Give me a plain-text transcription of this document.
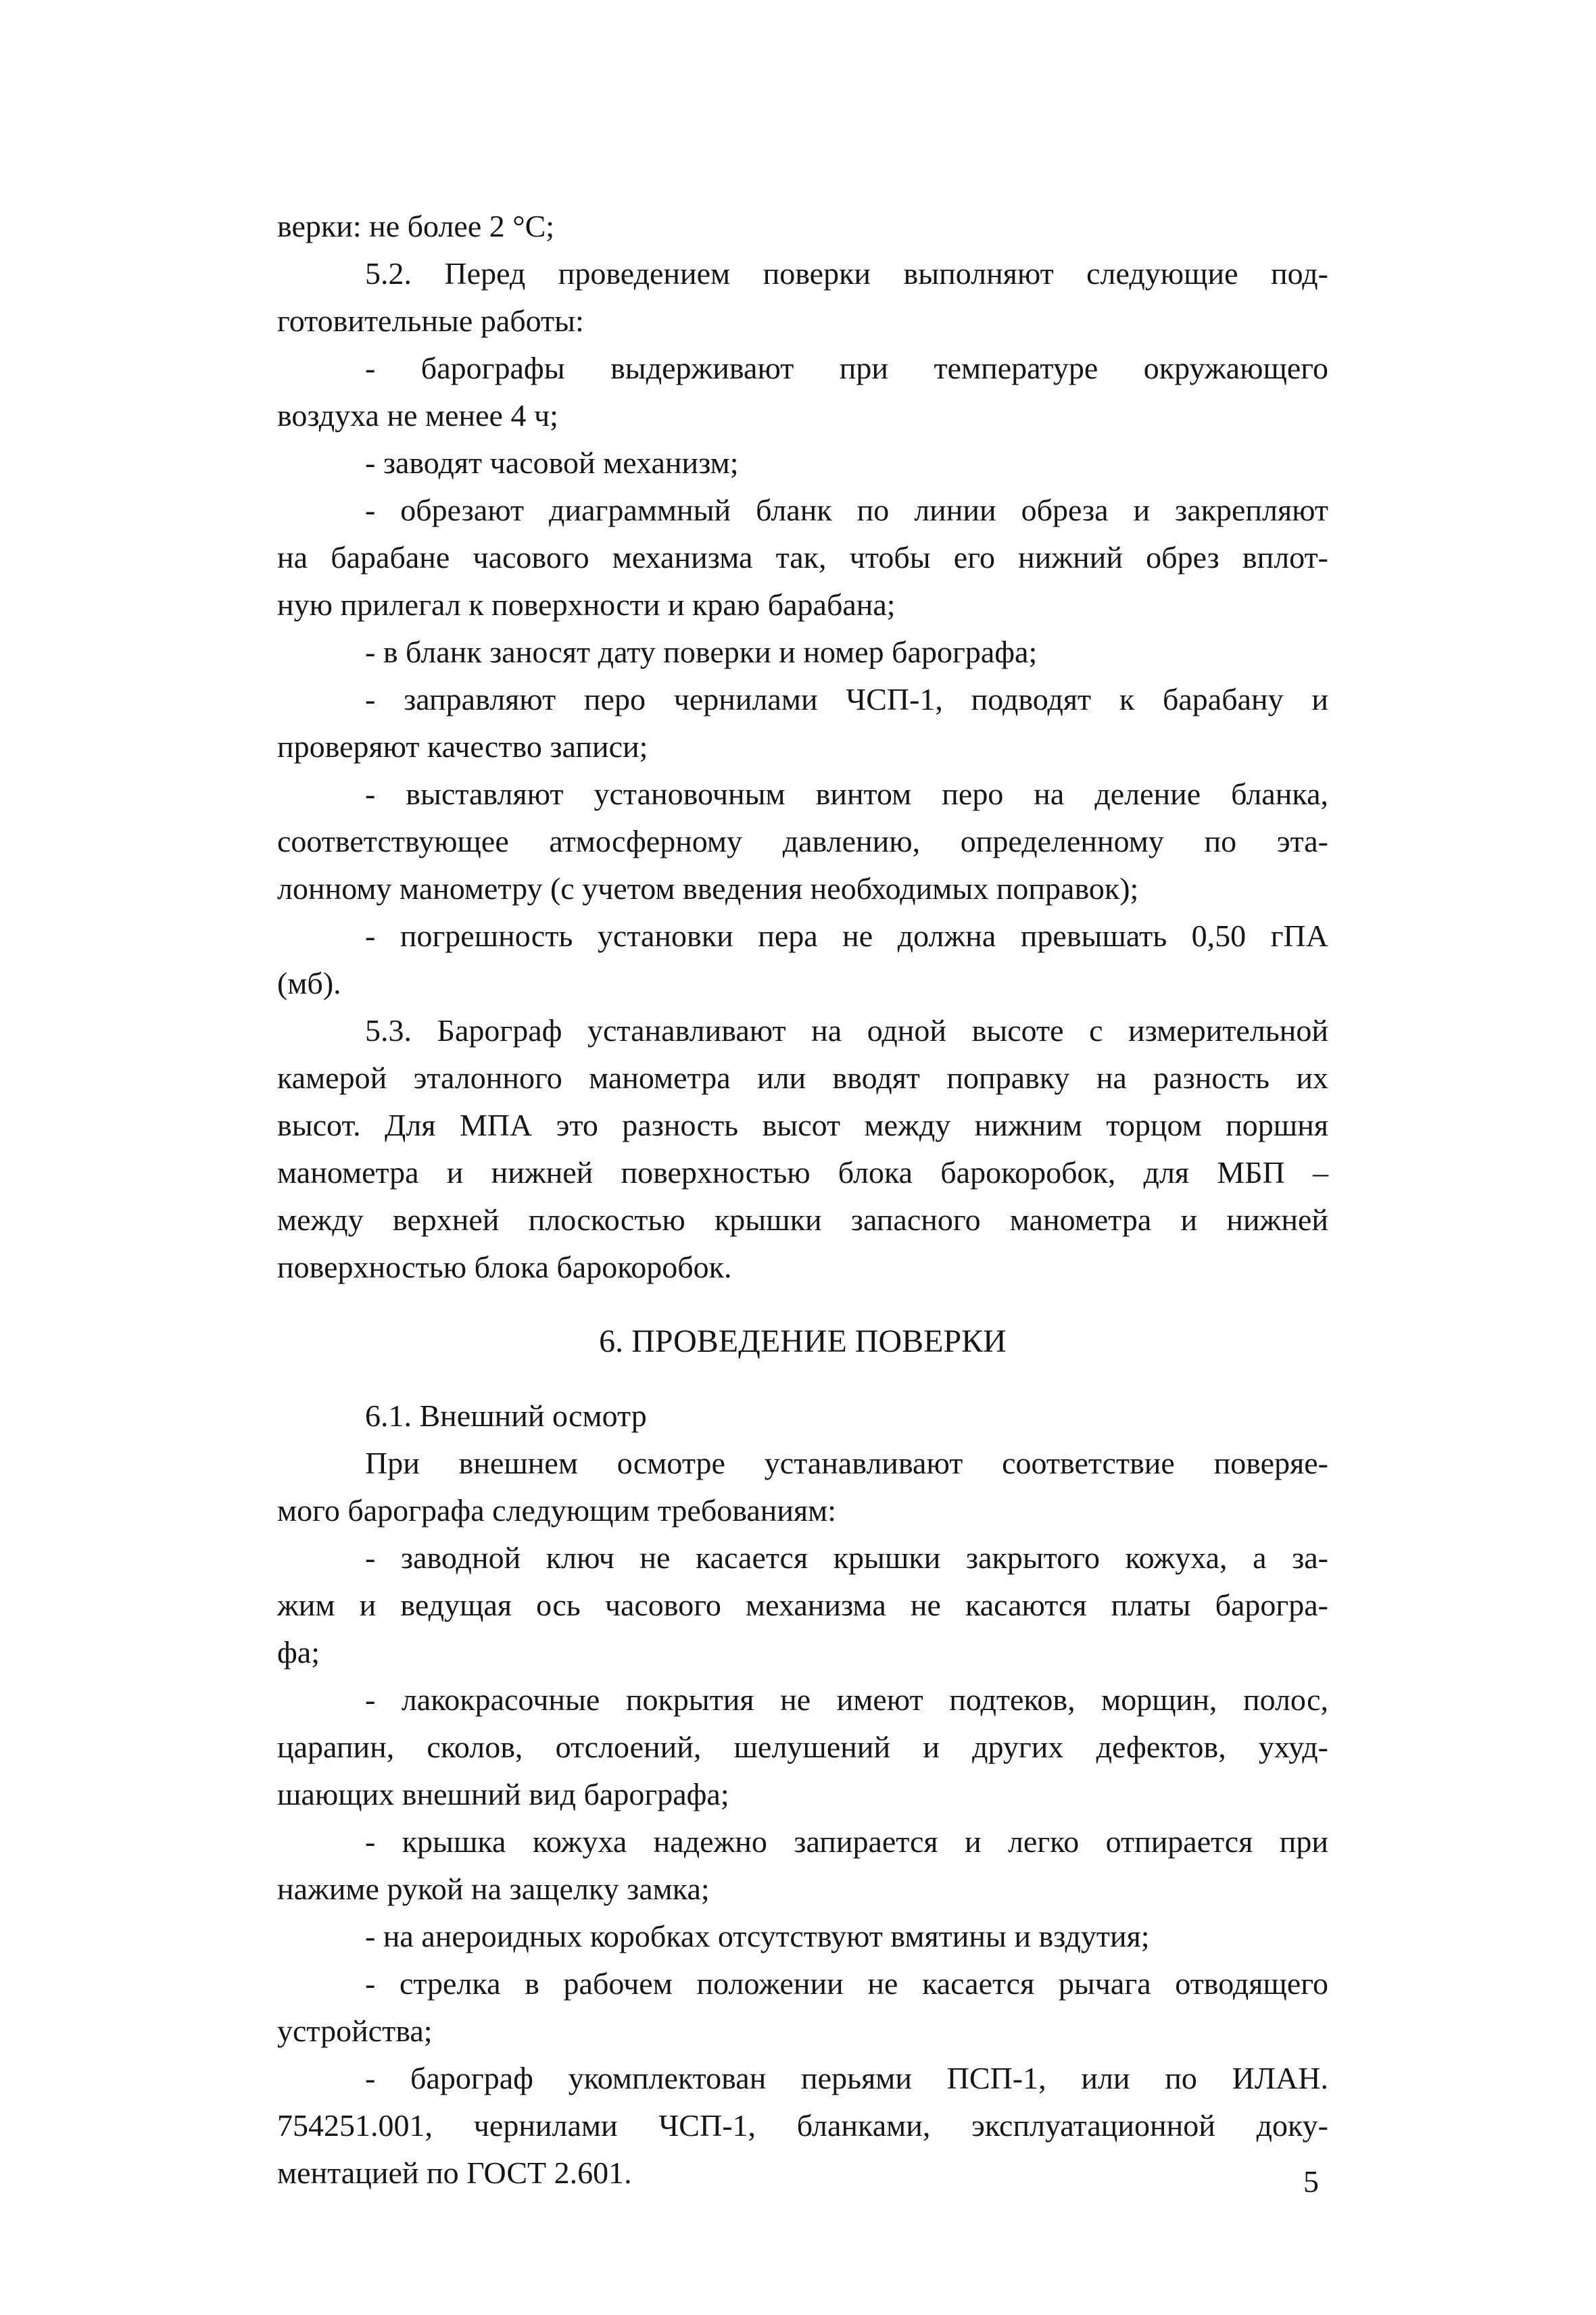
верки: не более 2 °С;
5.2. Перед проведением поверки выполняют следующие под-
готовительные работы:
- барографы выдерживают при температуре окружающего
воздуха не менее 4 ч;
- заводят часовой механизм;
- обрезают диаграммный бланк по линии обреза и закрепляют
на барабане часового механизма так, чтобы его нижний обрез вплот-
ную прилегал к поверхности и краю барабана;
- в бланк заносят дату поверки и номер барографа;
- заправляют перо чернилами ЧСП-1, подводят к барабану и
проверяют качество записи;
- выставляют установочным винтом перо на деление бланка,
соответствующее атмосферному давлению, определенному по эта-
лонному манометру (с учетом введения необходимых поправок);
- погрешность установки пера не должна превышать 0,50 гПА
(мб).
5.3. Барограф устанавливают на одной высоте с измерительной
камерой эталонного манометра или вводят поправку на разность их
высот. Для МПА это разность высот между нижним торцом поршня
манометра и нижней поверхностью блока барокоробок, для МБП –
между верхней плоскостью крышки запасного манометра и нижней
поверхностью блока барокоробок.
6. ПРОВЕДЕНИЕ ПОВЕРКИ
6.1. Внешний осмотр
При внешнем осмотре устанавливают соответствие поверяе-
мого барографа следующим требованиям:
- заводной ключ не касается крышки закрытого кожуха, а за-
жим и ведущая ось часового механизма не касаются платы барогра-
фа;
- лакокрасочные покрытия не имеют подтеков, морщин, полос,
царапин, сколов, отслоений, шелушений и других дефектов, ухуд-
шающих внешний вид барографа;
- крышка кожуха надежно запирается и легко отпирается при
нажиме рукой на защелку замка;
- на анероидных коробках отсутствуют вмятины и вздутия;
- стрелка в рабочем положении не касается рычага отводящего
устройства;
- барограф укомплектован перьями ПСП-1, или по ИЛАН.
754251.001, чернилами ЧСП-1, бланками, эксплуатационной доку-
ментацией по ГОСТ 2.601.	5
